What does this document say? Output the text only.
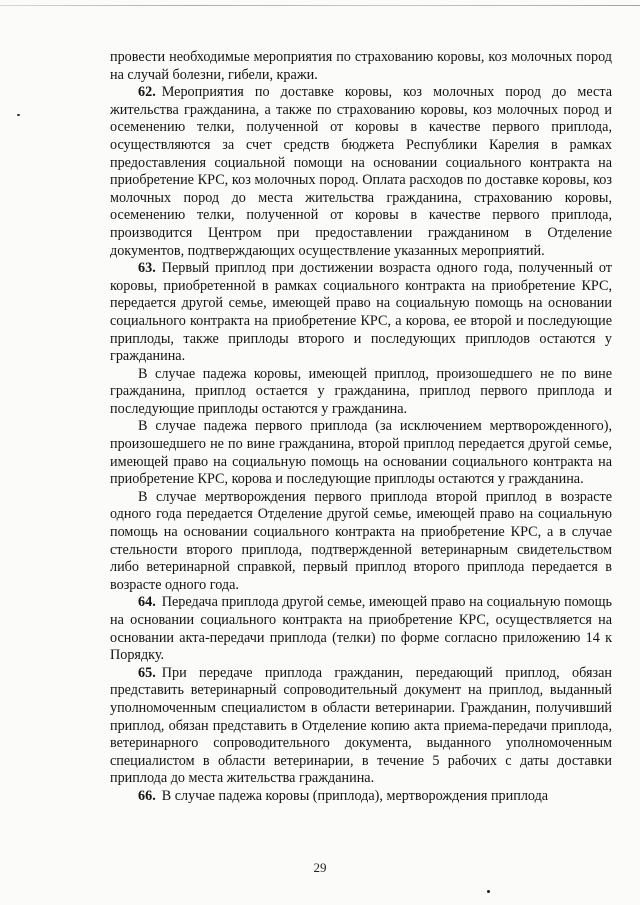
провести необходимые мероприятия по страхованию коровы, коз молочных пород на случай болезни, гибели, кражи.

62. Мероприятия по доставке коровы, коз молочных пород до места жительства гражданина, а также по страхованию коровы, коз молочных пород и осеменению телки, полученной от коровы в качестве первого приплода, осуществляются за счет средств бюджета Республики Карелия в рамках предоставления социальной помощи на основании социального контракта на приобретение КРС, коз молочных пород. Оплата расходов по доставке коровы, коз молочных пород до места жительства гражданина, страхованию коровы, осеменению телки, полученной от коровы в качестве первого приплода, производится Центром при предоставлении гражданином в Отделение документов, подтверждающих осуществление указанных мероприятий.

63. Первый приплод при достижении возраста одного года, полученный от коровы, приобретенной в рамках социального контракта на приобретение КРС, передается другой семье, имеющей право на социальную помощь на основании социального контракта на приобретение КРС, а корова, ее второй и последующие приплоды, также приплоды второго и последующих приплодов остаются у гражданина.

В случае падежа коровы, имеющей приплод, произошедшего не по вине гражданина, приплод остается у гражданина, приплод первого приплода и последующие приплоды остаются у гражданина.

В случае падежа первого приплода (за исключением мертворожденного), произошедшего не по вине гражданина, второй приплод передается другой семье, имеющей право на социальную помощь на основании социального контракта на приобретение КРС, корова и последующие приплоды остаются у гражданина.

В случае мертворождения первого приплода второй приплод в возрасте одного года передается Отделение другой семье, имеющей право на социальную помощь на основании социального контракта на приобретение КРС, а в случае стельности второго приплода, подтвержденной ветеринарным свидетельством либо ветеринарной справкой, первый приплод второго приплода передается в возрасте одного года.

64. Передача приплода другой семье, имеющей право на социальную помощь на основании социального контракта на приобретение КРС, осуществляется на основании акта-передачи приплода (телки) по форме согласно приложению 14 к Порядку.

65. При передаче приплода гражданин, передающий приплод, обязан представить ветеринарный сопроводительный документ на приплод, выданный уполномоченным специалистом в области ветеринарии. Гражданин, получивший приплод, обязан представить в Отделение копию акта приема-передачи приплода, ветеринарного сопроводительного документа, выданного уполномоченным специалистом в области ветеринарии, в течение 5 рабочих с даты доставки приплода до места жительства гражданина.

66. В случае падежа коровы (приплода), мертворождения приплода

29
